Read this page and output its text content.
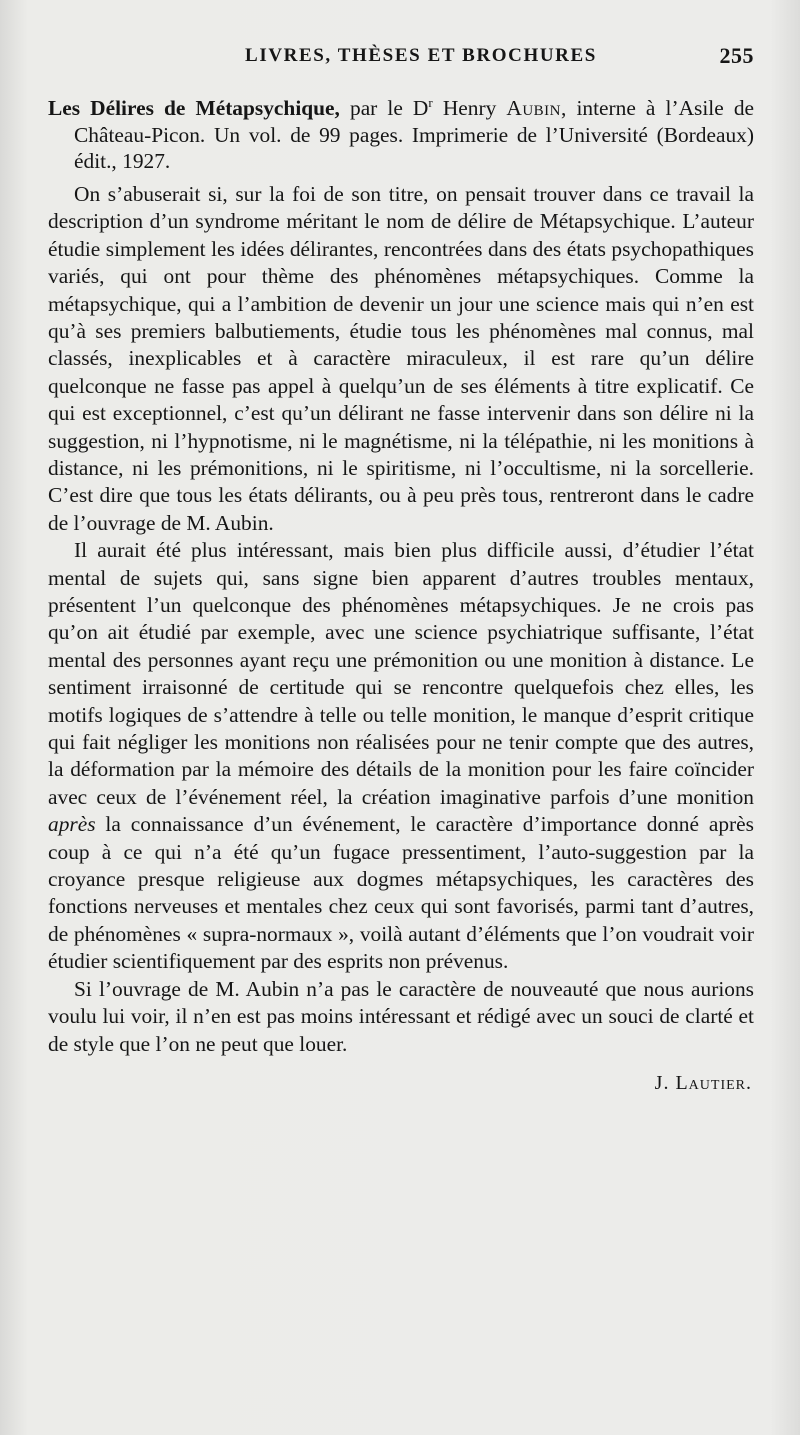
LIVRES, THÈSES ET BROCHURES	255

Les Délires de Métapsychique, par le $D^r$ Henry Aubin, interne à l’Asile de Château-Picon. Un vol. de 99 pages. Imprimerie de l’Université (Bordeaux) édit., 1927.

On s’abuserait si, sur la foi de son titre, on pensait trouver dans ce travail la description d’un syndrome méritant le nom de délire de Métapsychique. L’auteur étudie simplement les idées délirantes, rencontrées dans des états psychopathiques variés, qui ont pour thème des phénomènes métapsychiques. Comme la métapsychique, qui a l’ambition de devenir un jour une science mais qui n’en est qu’à ses premiers balbutiements, étudie tous les phénomènes mal connus, mal classés, inexplicables et à caractère miraculeux, il est rare qu’un délire quelconque ne fasse pas appel à quelqu’un de ses éléments à titre explicatif. Ce qui est exceptionnel, c’est qu’un délirant ne fasse intervenir dans son délire ni la suggestion, ni l’hypnotisme, ni le magnétisme, ni la télépathie, ni les monitions à distance, ni les prémonitions, ni le spiritisme, ni l’occultisme, ni la sorcellerie. C’est dire que tous les états délirants, ou à peu près tous, rentreront dans le cadre de l’ouvrage de M. Aubin.

Il aurait été plus intéressant, mais bien plus difficile aussi, d’étudier l’état mental de sujets qui, sans signe bien apparent d’autres troubles mentaux, présentent l’un quelconque des phénomènes métapsychiques. Je ne crois pas qu’on ait étudié par exemple, avec une science psychiatrique suffisante, l’état mental des personnes ayant reçu une prémonition ou une monition à distance. Le sentiment irraisonné de certitude qui se rencontre quelquefois chez elles, les motifs logiques de s’attendre à telle ou telle monition, le manque d’esprit critique qui fait négliger les monitions non réalisées pour ne tenir compte que des autres, la déformation par la mémoire des détails de la monition pour les faire coïncider avec ceux de l’événement réel, la création imaginative parfois d’une monition après la connaissance d’un événement, le caractère d’importance donné après coup à ce qui n’a été qu’un fugace pressentiment, l’auto-suggestion par la croyance presque religieuse aux dogmes métapsychiques, les caractères des fonctions nerveuses et mentales chez ceux qui sont favorisés, parmi tant d’autres, de phénomènes « supra-normaux », voilà autant d’éléments que l’on voudrait voir étudier scientifiquement par des esprits non prévenus.

Si l’ouvrage de M. Aubin n’a pas le caractère de nouveauté que nous aurions voulu lui voir, il n’en est pas moins intéressant et rédigé avec un souci de clarté et de style que l’on ne peut que louer.

J. Lautier.
